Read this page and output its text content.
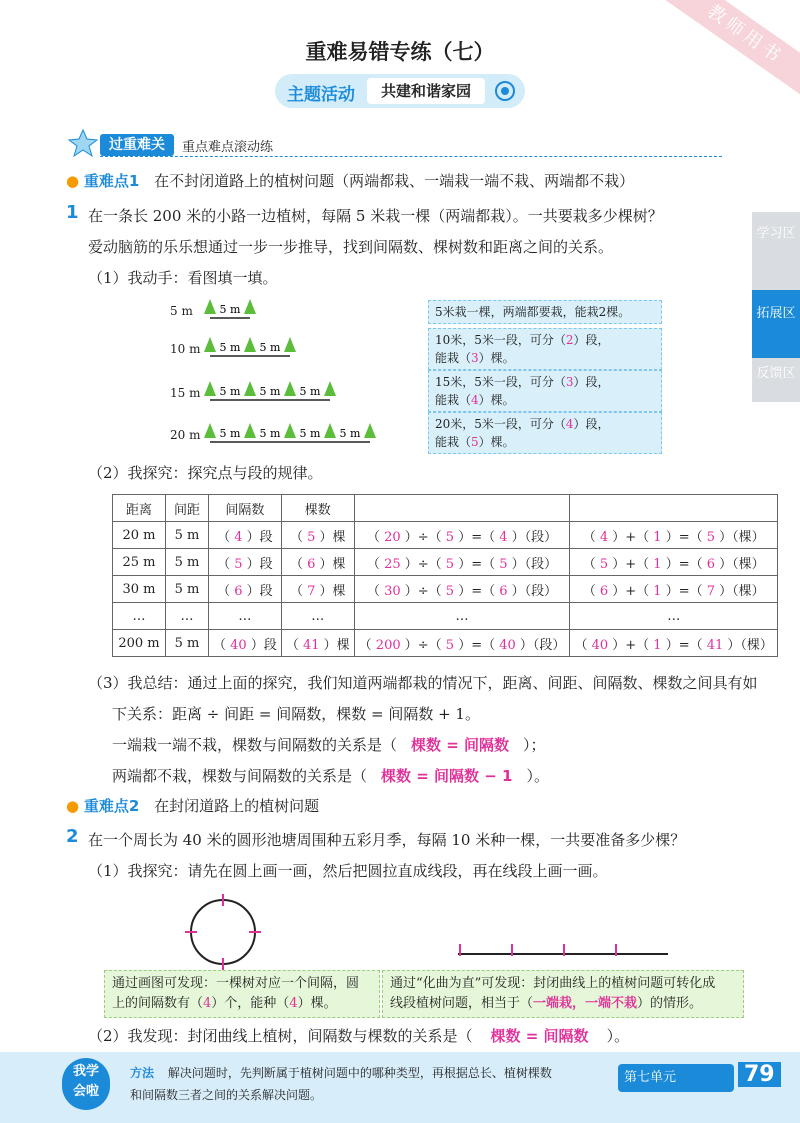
教师用书
重难易错专练（七）
主题活动	共建和谐家园
过重难关	重点难点滚动练
● 重难点1 在不封闭道路上的植树问题（两端都栽、一端栽一端不栽、两端都不栽）
1 在一条长 200 米的小路一边植树，每隔 5 米栽一棵（两端都栽）。一共要栽多少棵树？
爱动脑筋的乐乐想通过一步一步推导，找到间隔数、棵树数和距离之间的关系。
（1）我动手：看图填一填。
5 m 5 m
10 m 5 m 5 m
15 m 5 m 5 m 5 m
20 m 5 m 5 m 5 m 5 m
5米栽一棵，两端都要栽，能栽2棵。
10米，5米一段，可分（2）段，
能栽（3）棵。
15米，5米一段，可分（3）段，
能栽（4）棵。
20米，5米一段，可分（4）段，
能栽（5）棵。
（2）我探究：探究点与段的规律。
距离	间距	间隔数	棵数		
20 m	5 m	（ 4 ）段	（ 5 ）棵	（ 20 ）÷（ 5 ）=（ 4 ）（段）	（ 4 ）+（ 1 ）=（ 5 ）（棵）
25 m	5 m	（ 5 ）段	（ 6 ）棵	（ 25 ）÷（ 5 ）=（ 5 ）（段）	（ 5 ）+（ 1 ）=（ 6 ）（棵）
30 m	5 m	（ 6 ）段	（ 7 ）棵	（ 30 ）÷（ 5 ）=（ 6 ）（段）	（ 6 ）+（ 1 ）=（ 7 ）（棵）
…	…	…	…	…	…
200 m	5 m	（ 40 ）段	（ 41 ）棵	（ 200 ）÷（ 5 ）=（ 40 ）（段）	（ 40 ）+（ 1 ）=（ 41 ）（棵）
（3）我总结：通过上面的探究，我们知道两端都栽的情况下，距离、间距、间隔数、棵数之间具有如
下关系：距离 ÷ 间距 = 间隔数，棵数 = 间隔数 + 1。
一端栽一端不栽，棵数与间隔数的关系是（ 棵数 = 间隔数 ）；
两端都不栽，棵数与间隔数的关系是（ 棵数 = 间隔数 − 1 ）。
● 重难点2 在封闭道路上的植树问题
2 在一个周长为 40 米的圆形池塘周围种五彩月季，每隔 10 米种一棵，一共要准备多少棵？
（1）我探究：请先在圆上画一画，然后把圆拉直成线段，再在线段上画一画。
通过画图可发现：一棵树对应一个间隔，圆
上的间隔数有（4）个，能种（4）棵。
通过“化曲为直”可发现：封闭曲线上的植树问题可转化成
线段植树问题，相当于（一端栽，一端不栽）的情形。
（2）我发现：封闭曲线上植树，间隔数与棵数的关系是（ 棵数 = 间隔数 ）。
学习区
拓展区
反馈区
我学
会啦
方法 解决问题时，先判断属于植树问题中的哪种类型，再根据总长、植树棵数
和间隔数三者之间的关系解决问题。
第七单元	79
